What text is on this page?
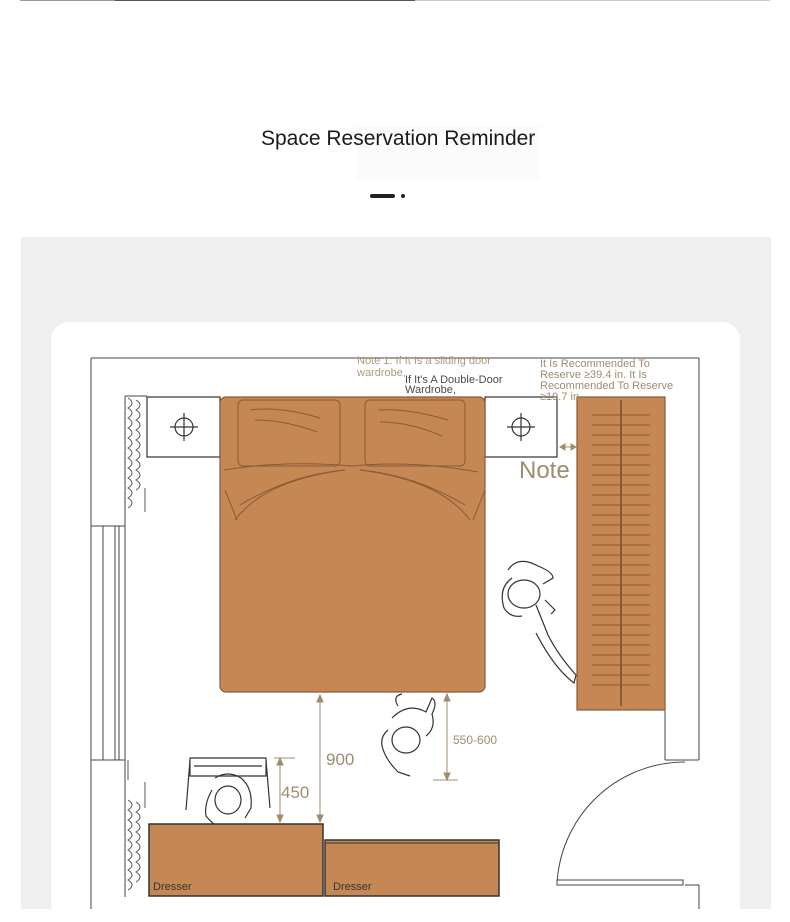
Space Reservation Reminder
Note 1: If It Is a sliding door wardrobe,
If It's A Double-Door Wardrobe,
It Is Recommended To Reserve ≥39.4 in. It Is Recommended To Reserve ≥19.7 in.
Note
900
450
550-600
Dresser	Dresser
